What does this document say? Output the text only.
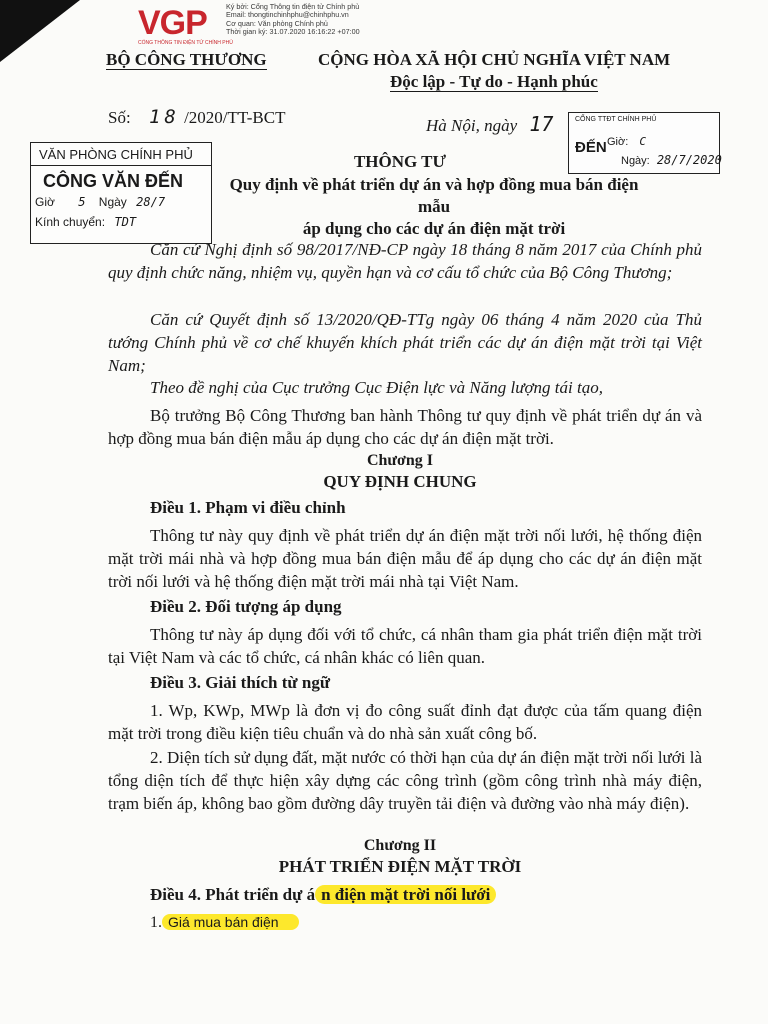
VGP
CỔNG THÔNG TIN ĐIỆN TỬ CHÍNH PHỦ
Ký bởi: Cổng Thông tin điện tử Chính phủ
Email: thongtinchinhphu@chinhphu.vn
Cơ quan: Văn phòng Chính phủ
Thời gian ký: 31.07.2020 16:16:22 +07:00
BỘ CÔNG THƯƠNG	CỘNG HÒA XÃ HỘI CHỦ NGHĨA VIỆT NAM
Độc lập - Tự do - Hạnh phúc
Số: 18 /2020/TT-BCT	Hà Nội, ngày 17	CỔNG TTĐT CHÍNH PHỦ
ĐẾN Giờ: C
Ngày: 28/7/2020
VĂN PHÒNG CHÍNH PHỦ
CÔNG VĂN ĐẾN
Giờ 5 Ngày 28/7
Kính chuyển: TDT
THÔNG TƯ
Quy định về phát triển dự án và hợp đồng mua bán điện mẫu
áp dụng cho các dự án điện mặt trời
Căn cứ Nghị định số 98/2017/NĐ-CP ngày 18 tháng 8 năm 2017 của Chính phủ quy định chức năng, nhiệm vụ, quyền hạn và cơ cấu tổ chức của Bộ Công Thương;
Căn cứ Quyết định số 13/2020/QĐ-TTg ngày 06 tháng 4 năm 2020 của Thủ tướng Chính phủ về cơ chế khuyến khích phát triển các dự án điện mặt trời tại Việt Nam;
Theo đề nghị của Cục trưởng Cục Điện lực và Năng lượng tái tạo,
Bộ trưởng Bộ Công Thương ban hành Thông tư quy định về phát triển dự án và hợp đồng mua bán điện mẫu áp dụng cho các dự án điện mặt trời.
Chương I
QUY ĐỊNH CHUNG
Điều 1. Phạm vi điều chỉnh
Thông tư này quy định về phát triển dự án điện mặt trời nối lưới, hệ thống điện mặt trời mái nhà và hợp đồng mua bán điện mẫu để áp dụng cho các dự án điện mặt trời nối lưới và hệ thống điện mặt trời mái nhà tại Việt Nam.
Điều 2. Đối tượng áp dụng
Thông tư này áp dụng đối với tổ chức, cá nhân tham gia phát triển điện mặt trời tại Việt Nam và các tổ chức, cá nhân khác có liên quan.
Điều 3. Giải thích từ ngữ
1. Wp, KWp, MWp là đơn vị đo công suất đỉnh đạt được của tấm quang điện mặt trời trong điều kiện tiêu chuẩn và do nhà sản xuất công bố.
2. Diện tích sử dụng đất, mặt nước có thời hạn của dự án điện mặt trời nối lưới là tổng diện tích để thực hiện xây dựng các công trình (gồm công trình nhà máy điện, trạm biến áp, không bao gồm đường dây truyền tải điện và đường vào nhà máy điện).
Chương II
PHÁT TRIỂN ĐIỆN MẶT TRỜI
Điều 4. Phát triển dự á n điện mặt trời nối lưới
1. Giá mua bán điện
